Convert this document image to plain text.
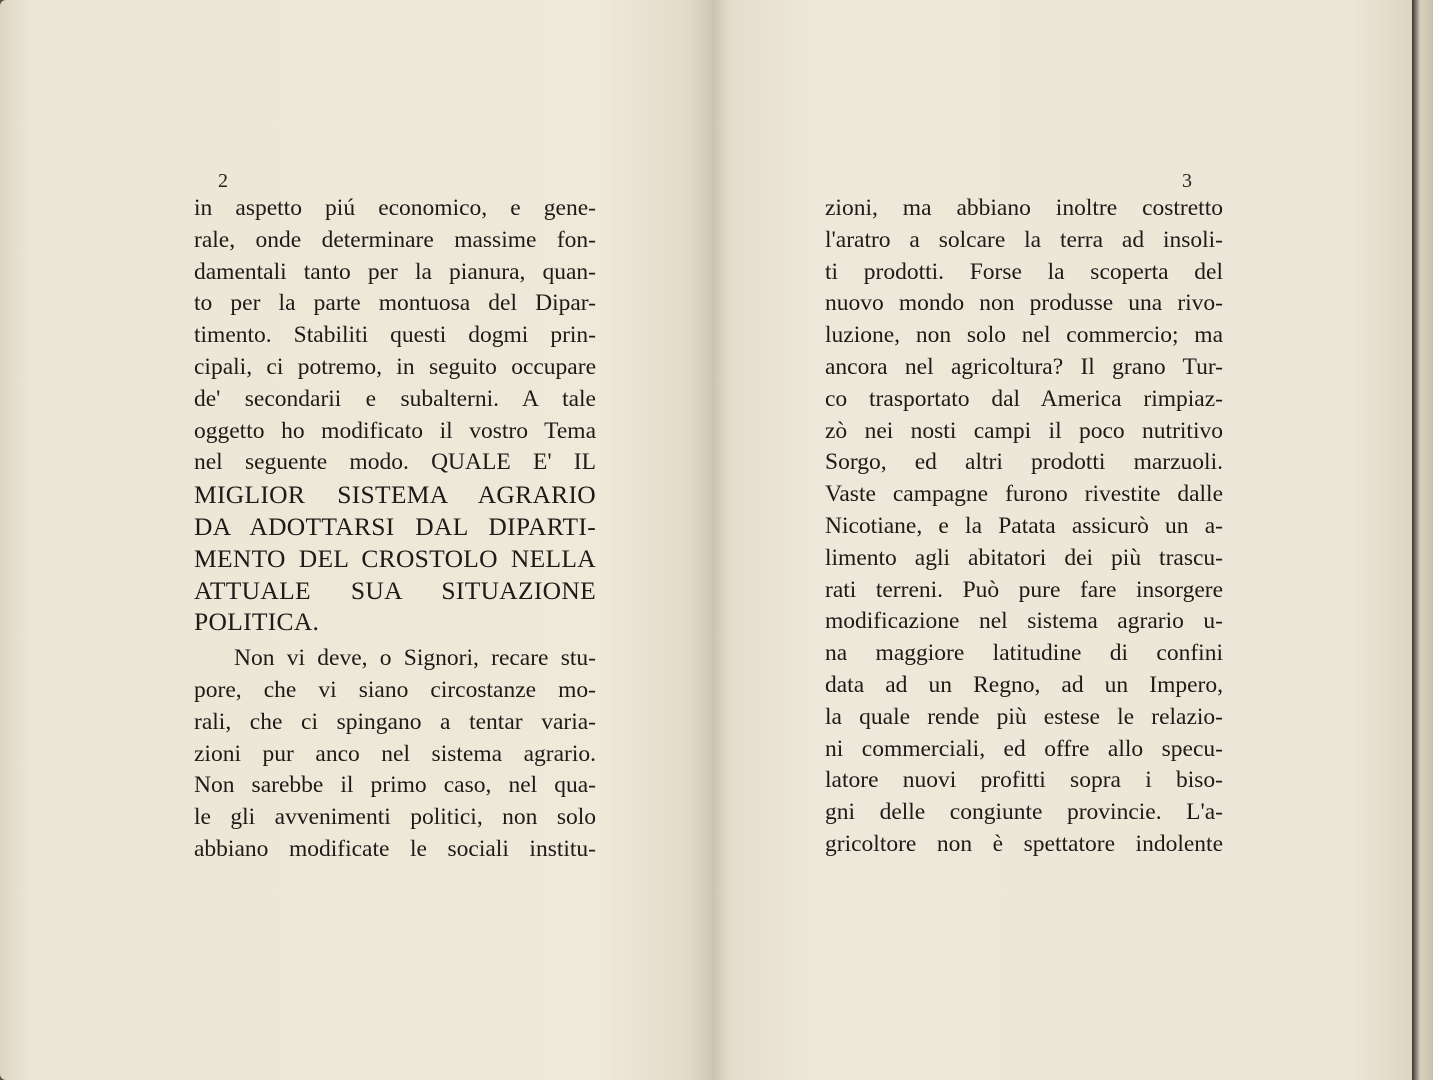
2
in aspetto piú economico, e gene-
rale, onde determinare massime fon-
damentali tanto per la pianura, quan-
to per la parte montuosa del Dipar-
timento. Stabiliti questi dogmi prin-
cipali, ci potremo, in seguito occupare
de' secondarii e subalterni. A tale
oggetto ho modificato il vostro Tema
nel seguente modo. QUALE E' IL
MIGLIOR SISTEMA AGRARIO
DA ADOTTARSI DAL DIPARTI-
MENTO DEL CROSTOLO NELLA
ATTUALE SUA SITUAZIONE
POLITICA.
Non vi deve, o Signori, recare stu-
pore, che vi siano circostanze mo-
rali, che ci spingano a tentar varia-
zioni pur anco nel sistema agrario.
Non sarebbe il primo caso, nel qua-
le gli avvenimenti politici, non solo
abbiano modificate le sociali institu-
3
zioni, ma abbiano inoltre costretto
l'aratro a solcare la terra ad insoli-
ti prodotti. Forse la scoperta del
nuovo mondo non produsse una rivo-
luzione, non solo nel commercio; ma
ancora nel agricoltura? Il grano Tur-
co trasportato dal America rimpiaz-
zò nei nosti campi il poco nutritivo
Sorgo, ed altri prodotti marzuoli.
Vaste campagne furono rivestite dalle
Nicotiane, e la Patata assicurò un a-
limento agli abitatori dei più trascu-
rati terreni. Può pure fare insorgere
modificazione nel sistema agrario u-
na maggiore latitudine di confini
data ad un Regno, ad un Impero,
la quale rende più estese le relazio-
ni commerciali, ed offre allo specu-
latore nuovi profitti sopra i biso-
gni delle congiunte provincie. L'a-
gricoltore non è spettatore indolente
